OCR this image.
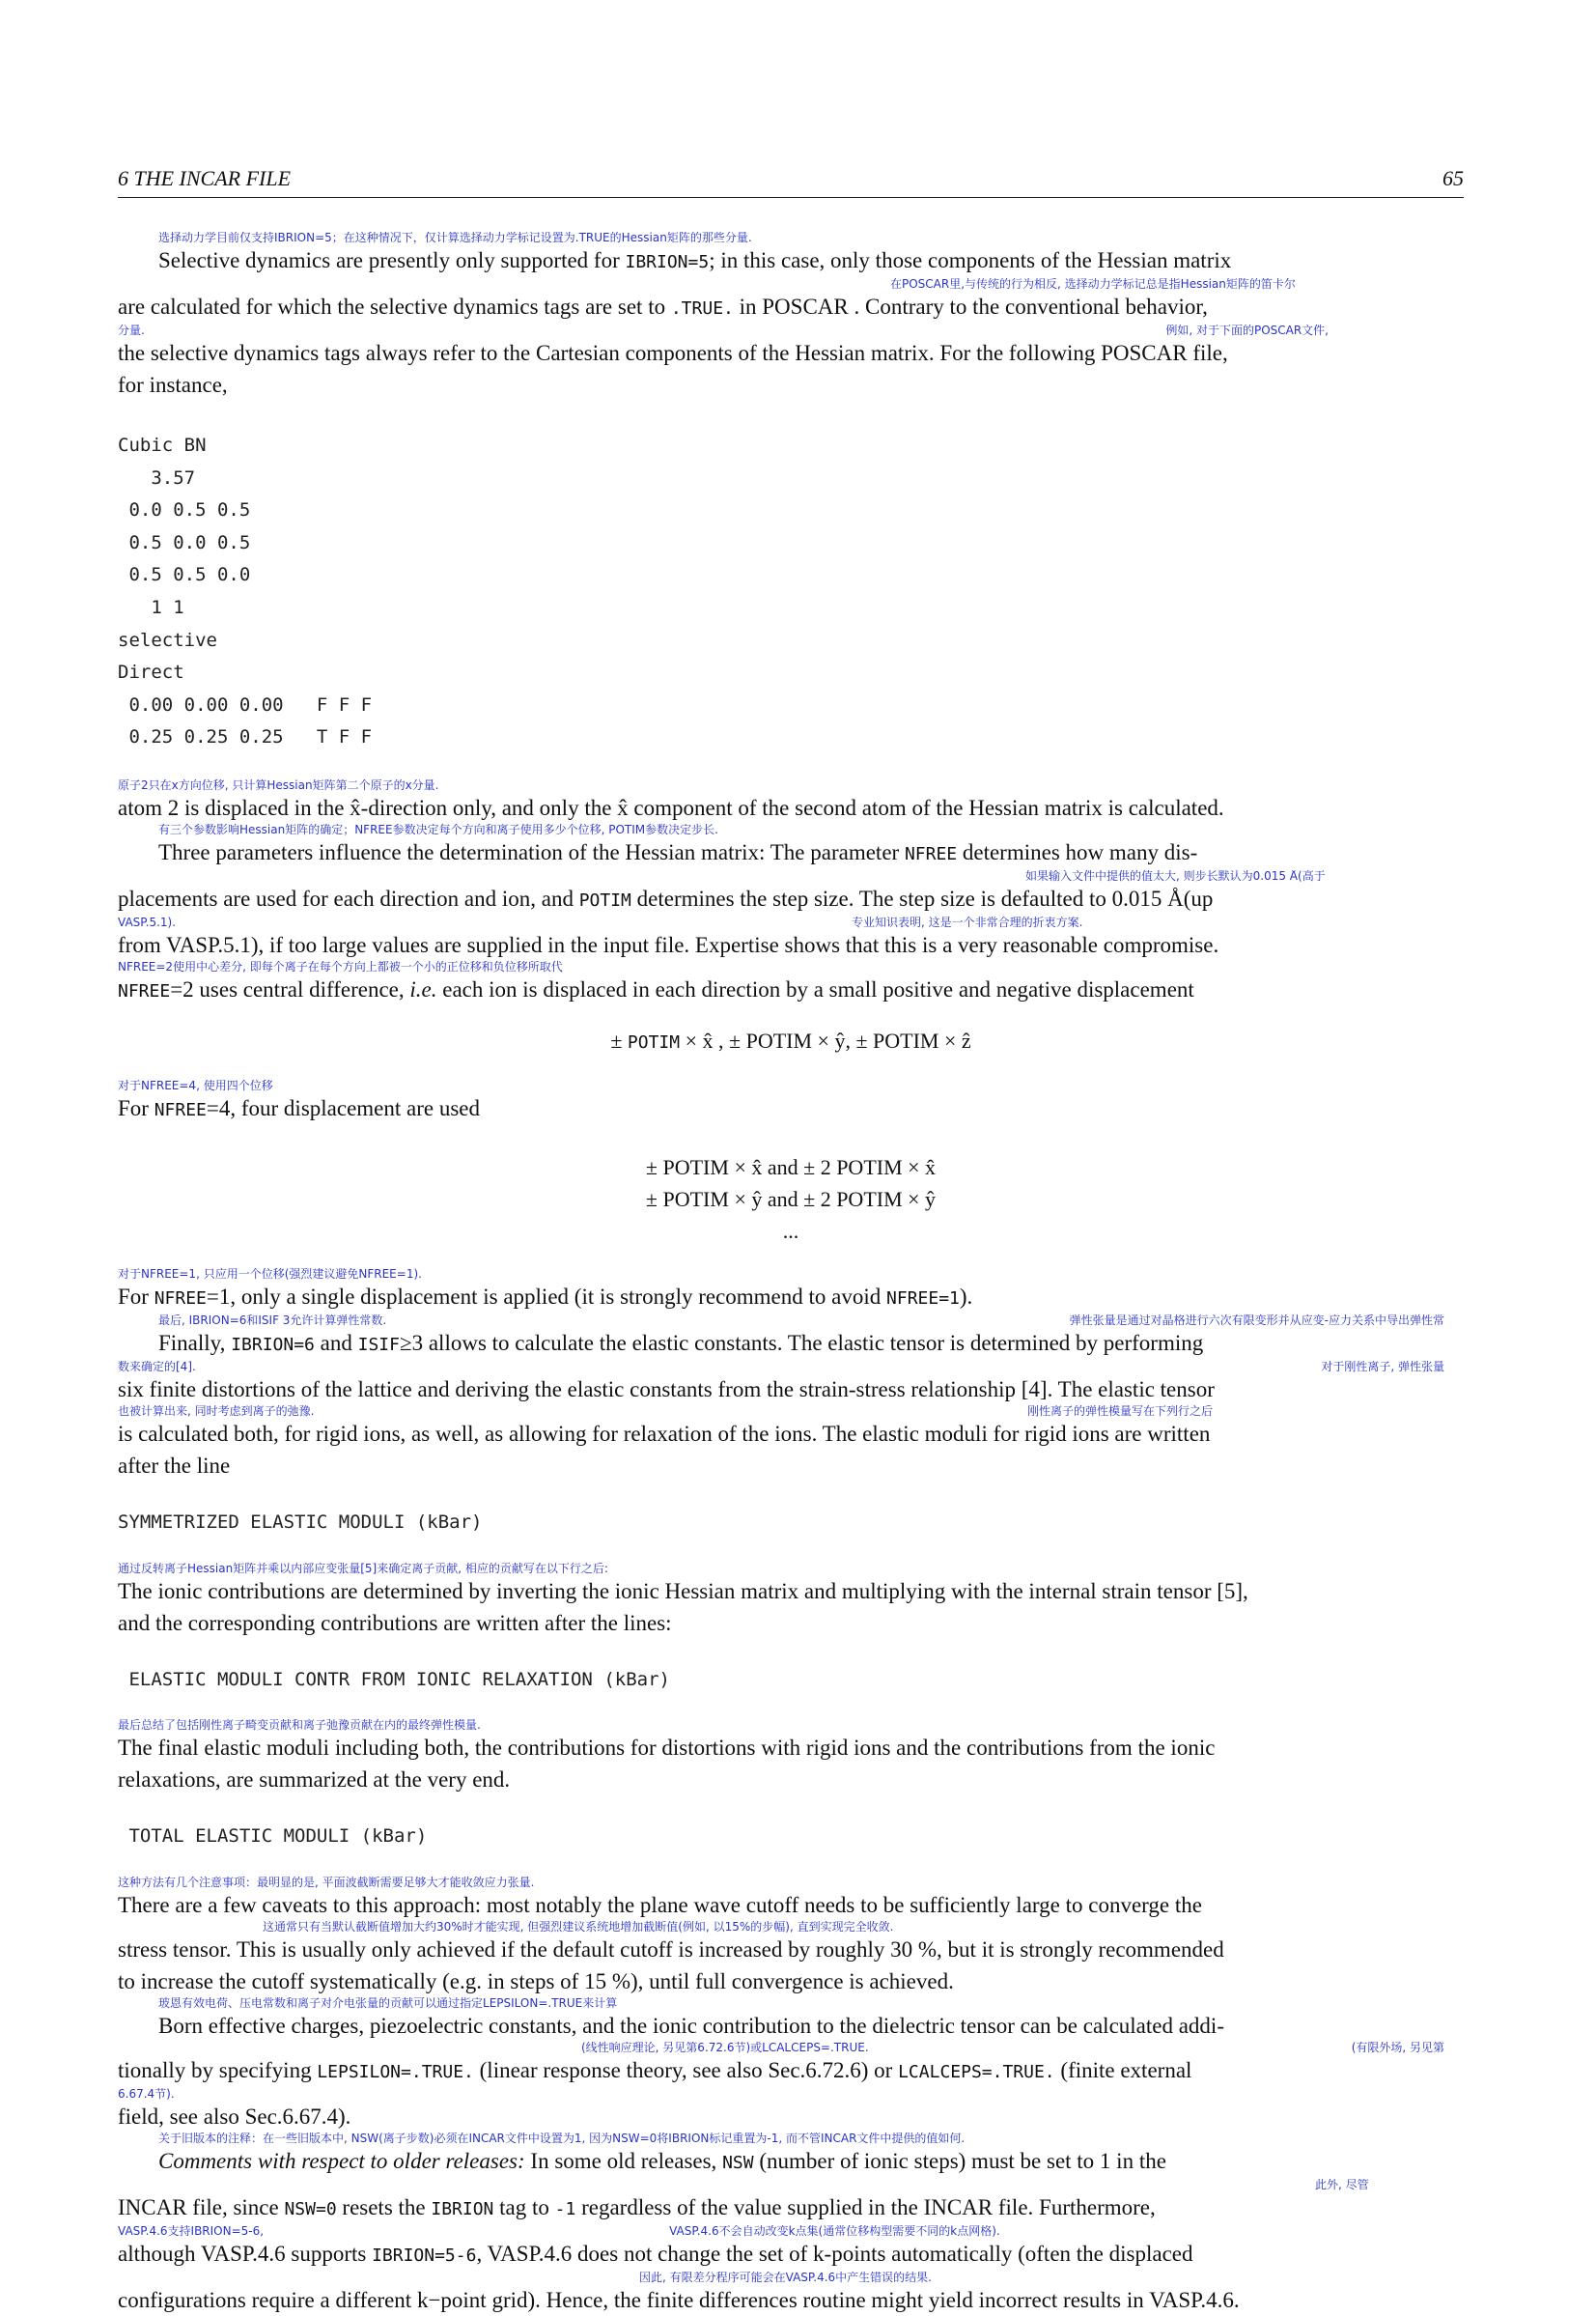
6 THE INCAR FILE	65

选择动力学目前仅支持IBRION=5；在这种情况下，仅计算选择动力学标记设置为.TRUE的Hessian矩阵的那些分量.

Selective dynamics are presently only supported for IBRION=5; in this case, only those components of the Hessian matrix

在POSCAR里,与传统的行为相反, 选择动力学标记总是指Hessian矩阵的笛卡尔

are calculated for which the selective dynamics tags are set to .TRUE. in POSCAR . Contrary to the conventional behavior,

分量.	例如, 对于下面的POSCAR文件,

the selective dynamics tags always refer to the Cartesian components of the Hessian matrix. For the following POSCAR file,
for instance,

Cubic BN

3.57

0.0 0.5 0.5

0.5 0.0 0.5

0.5 0.5 0.0

1 1

selective

Direct

0.00 0.00 0.00   F F F

0.25 0.25 0.25   T F F

原子2只在x方向位移, 只计算Hessian矩阵第二个原子的x分量.

atom 2 is displaced in the x̂-direction only, and only the x̂ component of the second atom of the Hessian matrix is calculated.

有三个参数影响Hessian矩阵的确定；NFREE参数决定每个方向和离子使用多少个位移, POTIM参数决定步长.

Three parameters influence the determination of the Hessian matrix: The parameter NFREE determines how many dis-

如果输入文件中提供的值太大, 则步长默认为0.015 Å(高于

placements are used for each direction and ion, and POTIM determines the step size. The step size is defaulted to 0.015 Å(up

VASP.5.1).	专业知识表明, 这是一个非常合理的折衷方案.

from VASP.5.1), if too large values are supplied in the input file. Expertise shows that this is a very reasonable compromise.

NFREE=2使用中心差分, 即每个离子在每个方向上都被一个小的正位移和负位移所取代

NFREE=2 uses central difference, i.e. each ion is displaced in each direction by a small positive and negative displacement

± POTIM × x̂ , ± POTIM × ŷ, ± POTIM × ẑ

对于NFREE=4, 使用四个位移

For NFREE=4, four displacement are used

± POTIM × x̂ and ± 2 POTIM × x̂

± POTIM × ŷ and ± 2 POTIM × ŷ

...

对于NFREE=1, 只应用一个位移(强烈建议避免NFREE=1).

For NFREE=1, only a single displacement is applied (it is strongly recommend to avoid NFREE=1).

最后, IBRION=6和ISIF 3允许计算弹性常数.	弹性张量是通过对晶格进行六次有限变形并从应变-应力关系中导出弹性常

Finally, IBRION=6 and ISIF≥3 allows to calculate the elastic constants. The elastic tensor is determined by performing

数来确定的[4].	对于刚性离子, 弹性张量

six finite distortions of the lattice and deriving the elastic constants from the strain-stress relationship [4]. The elastic tensor

也被计算出来, 同时考虑到离子的弛豫.	刚性离子的弹性模量写在下列行之后

is calculated both, for rigid ions, as well, as allowing for relaxation of the ions. The elastic moduli for rigid ions are written
after the line

SYMMETRIZED ELASTIC MODULI (kBar)

通过反转离子Hessian矩阵并乘以内部应变张量[5]来确定离子贡献, 相应的贡献写在以下行之后:

The ionic contributions are determined by inverting the ionic Hessian matrix and multiplying with the internal strain tensor [5],
and the corresponding contributions are written after the lines:

ELASTIC MODULI CONTR FROM IONIC RELAXATION (kBar)

最后总结了包括刚性离子畸变贡献和离子弛豫贡献在内的最终弹性模量.

The final elastic moduli including both, the contributions for distortions with rigid ions and the contributions from the ionic
relaxations, are summarized at the very end.

TOTAL ELASTIC MODULI (kBar)

这种方法有几个注意事项：最明显的是, 平面波截断需要足够大才能收敛应力张量.

There are a few caveats to this approach: most notably the plane wave cutoff needs to be sufficiently large to converge the

这通常只有当默认截断值增加大约30%时才能实现, 但强烈建议系统地增加截断值(例如, 以15%的步幅), 直到实现完全收敛.

stress tensor. This is usually only achieved if the default cutoff is increased by roughly 30 %, but it is strongly recommended
to increase the cutoff systematically (e.g. in steps of 15 %), until full convergence is achieved.

玻恩有效电荷、压电常数和离子对介电张量的贡献可以通过指定LEPSILON=.TRUE来计算

Born effective charges, piezoelectric constants, and the ionic contribution to the dielectric tensor can be calculated addi-

(线性响应理论, 另见第6.72.6节)或LCALCEPS=.TRUE.	(有限外场, 另见第

tionally by specifying LEPSILON=.TRUE. (linear response theory, see also Sec.6.72.6) or LCALCEPS=.TRUE. (finite external

6.67.4节).

field, see also Sec.6.67.4).

关于旧版本的注释：在一些旧版本中, NSW(离子步数)必须在INCAR文件中设置为1, 因为NSW=0将IBRION标记重置为-1, 而不管INCAR文件中提供的值如何.

Comments with respect to older releases: In some old releases, NSW (number of ionic steps) must be set to 1 in the

此外, 尽管

INCAR file, since NSW=0 resets the IBRION tag to -1 regardless of the value supplied in the INCAR file. Furthermore,

VASP.4.6支持IBRION=5-6,	VASP.4.6不会自动改变k点集(通常位移构型需要不同的k点网格).

although VASP.4.6 supports IBRION=5-6, VASP.4.6 does not change the set of k-points automatically (often the displaced

因此, 有限差分程序可能会在VASP.4.6中产生错误的结果.

configurations require a different k−point grid). Hence, the finite differences routine might yield incorrect results in VASP.4.6.
